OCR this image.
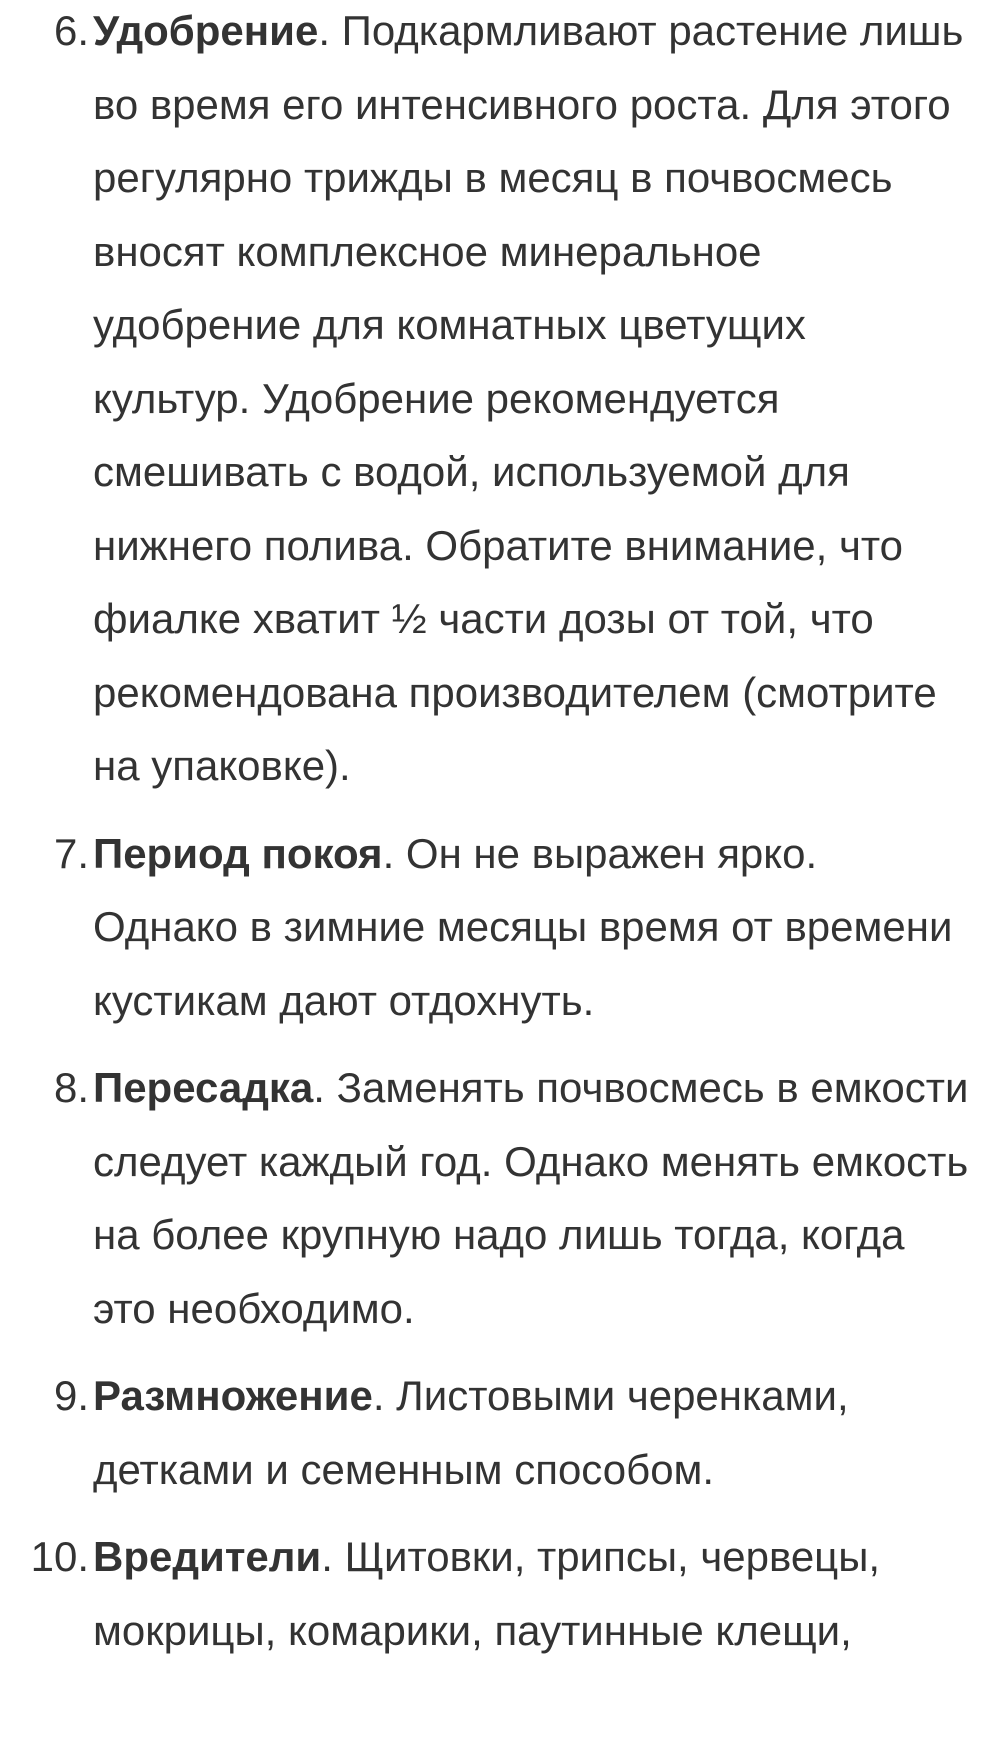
6. Удобрение. Подкармливают растение лишь во время его интенсивного роста. Для этого регулярно трижды в месяц в почвосмесь вносят комплексное минеральное удобрение для комнатных цветущих культур. Удобрение рекомендуется смешивать с водой, используемой для нижнего полива. Обратите внимание, что фиалке хватит ½ части дозы от той, что рекомендована производителем (смотрите на упаковке).
7. Период покоя. Он не выражен ярко. Однако в зимние месяцы время от времени кустикам дают отдохнуть.
8. Пересадка. Заменять почвосмесь в емкости следует каждый год. Однако менять емкость на более крупную надо лишь тогда, когда это необходимо.
9. Размножение. Листовыми черенками, детками и семенным способом.
10. Вредители. Щитовки, трипсы, червецы, мокрицы, комарики, паутинные клещи,
